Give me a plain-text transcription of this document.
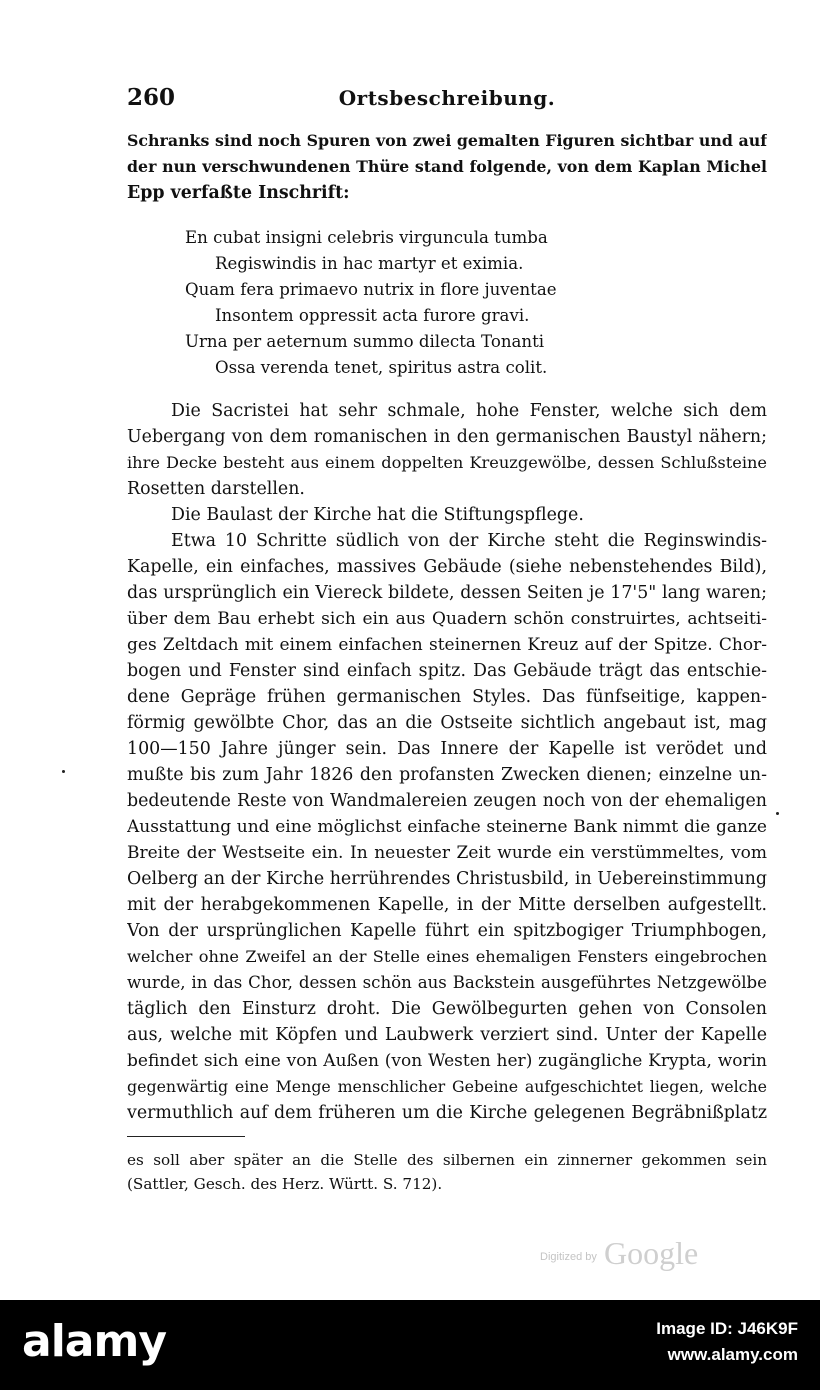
260	Ortsbeschreibung.
Schranks sind noch Spuren von zwei gemalten Figuren sichtbar und auf
der nun verschwundenen Thüre stand folgende, von dem Kaplan Michel
Epp verfaßte Inschrift:
En cubat insigni celebris virguncula tumba
Regiswindis in hac martyr et eximia.
Quam fera primaevo nutrix in flore juventae
Insontem oppressit acta furore gravi.
Urna per aeternum summo dilecta Tonanti
Ossa verenda tenet, spiritus astra colit.
Die Sacristei hat sehr schmale, hohe Fenster, welche sich dem
Uebergang von dem romanischen in den germanischen Baustyl nähern;
ihre Decke besteht aus einem doppelten Kreuzgewölbe, dessen Schlußsteine
Rosetten darstellen.
Die Baulast der Kirche hat die Stiftungspflege.
Etwa 10 Schritte südlich von der Kirche steht die Reginswindis-
Kapelle, ein einfaches, massives Gebäude (siehe nebenstehendes Bild),
das ursprünglich ein Viereck bildete, dessen Seiten je 17'5" lang waren;
über dem Bau erhebt sich ein aus Quadern schön construirtes, achtseiti-
ges Zeltdach mit einem einfachen steinernen Kreuz auf der Spitze. Chor-
bogen und Fenster sind einfach spitz. Das Gebäude trägt das entschie-
dene Gepräge frühen germanischen Styles. Das fünfseitige, kappen-
förmig gewölbte Chor, das an die Ostseite sichtlich angebaut ist, mag
100—150 Jahre jünger sein. Das Innere der Kapelle ist verödet und
mußte bis zum Jahr 1826 den profansten Zwecken dienen; einzelne un-
bedeutende Reste von Wandmalereien zeugen noch von der ehemaligen
Ausstattung und eine möglichst einfache steinerne Bank nimmt die ganze
Breite der Westseite ein. In neuester Zeit wurde ein verstümmeltes, vom
Oelberg an der Kirche herrührendes Christusbild, in Uebereinstimmung
mit der herabgekommenen Kapelle, in der Mitte derselben aufgestellt.
Von der ursprünglichen Kapelle führt ein spitzbogiger Triumphbogen,
welcher ohne Zweifel an der Stelle eines ehemaligen Fensters eingebrochen
wurde, in das Chor, dessen schön aus Backstein ausgeführtes Netzgewölbe
täglich den Einsturz droht. Die Gewölbegurten gehen von Consolen
aus, welche mit Köpfen und Laubwerk verziert sind. Unter der Kapelle
befindet sich eine von Außen (von Westen her) zugängliche Krypta, worin
gegenwärtig eine Menge menschlicher Gebeine aufgeschichtet liegen, welche
vermuthlich auf dem früheren um die Kirche gelegenen Begräbnißplatz
es soll aber später an die Stelle des silbernen ein zinnerner gekommen sein
(Sattler, Gesch. des Herz. Württ. S. 712).
Digitized by Google
alamy	Image ID: J46K9F
www.alamy.com
